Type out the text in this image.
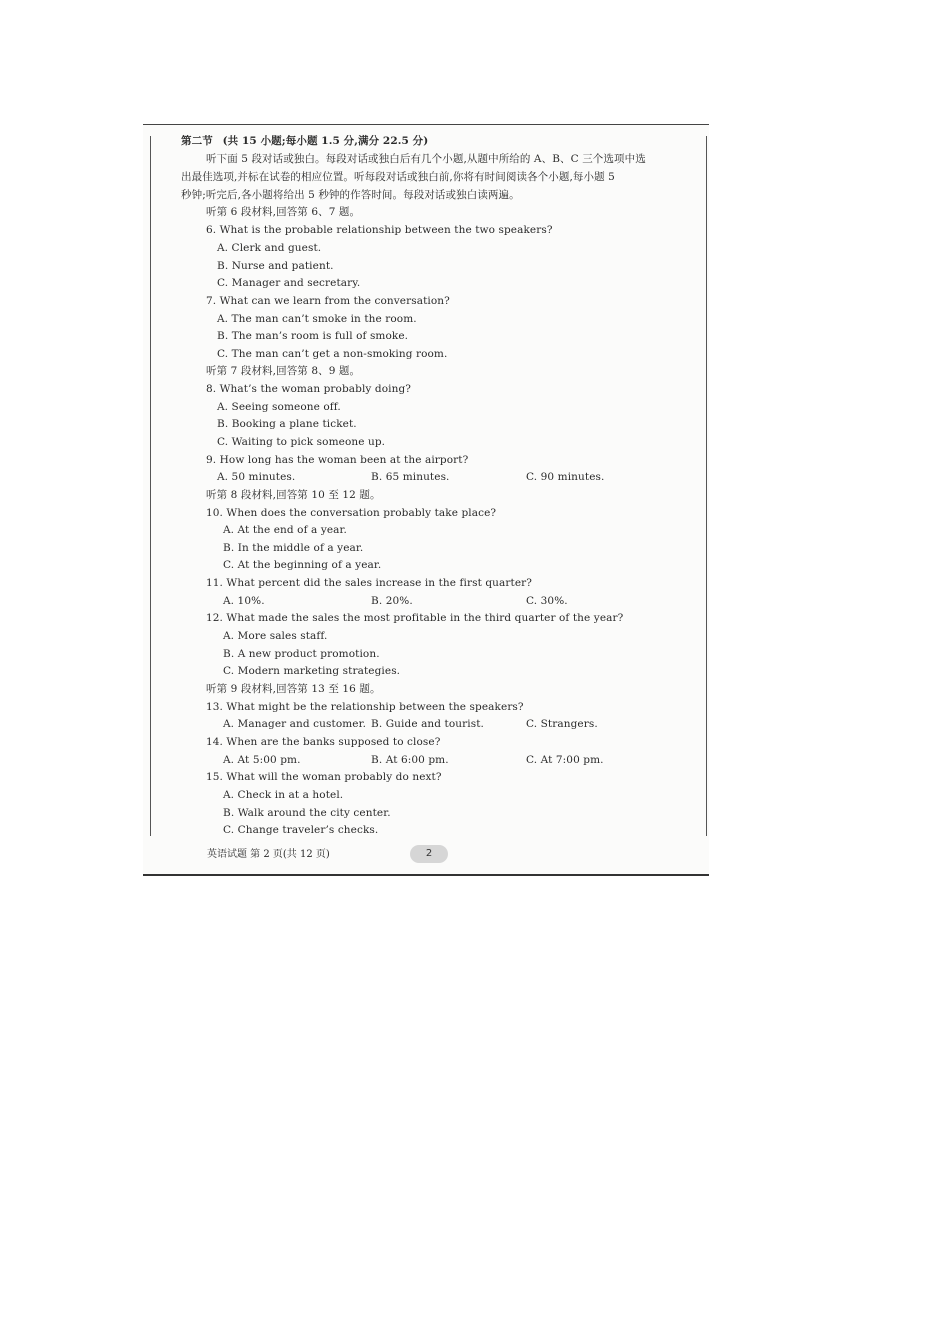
第二节 (共 15 小题;每小题 1.5 分,满分 22.5 分)
听下面 5 段对话或独白。每段对话或独白后有几个小题,从题中所给的 A、B、C 三个选项中选
出最佳选项,并标在试卷的相应位置。听每段对话或独白前,你将有时间阅读各个小题,每小题 5
秒钟;听完后,各小题将给出 5 秒钟的作答时间。每段对话或独白读两遍。
听第 6 段材料,回答第 6、7 题。
6. What is the probable relationship between the two speakers?
A. Clerk and guest.
B. Nurse and patient.
C. Manager and secretary.
7. What can we learn from the conversation?
A. The man can’t smoke in the room.
B. The man’s room is full of smoke.
C. The man can’t get a non-smoking room.
听第 7 段材料,回答第 8、9 题。
8. What’s the woman probably doing?
A. Seeing someone off.
B. Booking a plane ticket.
C. Waiting to pick someone up.
9. How long has the woman been at the airport?
A. 50 minutes.	B. 65 minutes.	C. 90 minutes.
听第 8 段材料,回答第 10 至 12 题。
10. When does the conversation probably take place?
A. At the end of a year.
B. In the middle of a year.
C. At the beginning of a year.
11. What percent did the sales increase in the first quarter?
A. 10%.	B. 20%.	C. 30%.
12. What made the sales the most profitable in the third quarter of the year?
A. More sales staff.
B. A new product promotion.
C. Modern marketing strategies.
听第 9 段材料,回答第 13 至 16 题。
13. What might be the relationship between the speakers?
A. Manager and customer. B. Guide and tourist.	C. Strangers.
14. When are the banks supposed to close?
A. At 5:00 pm.	B. At 6:00 pm.	C. At 7:00 pm.
15. What will the woman probably do next?
A. Check in at a hotel.
B. Walk around the city center.
C. Change traveler’s checks.
英语试题 第 2 页(共 12 页)	2
